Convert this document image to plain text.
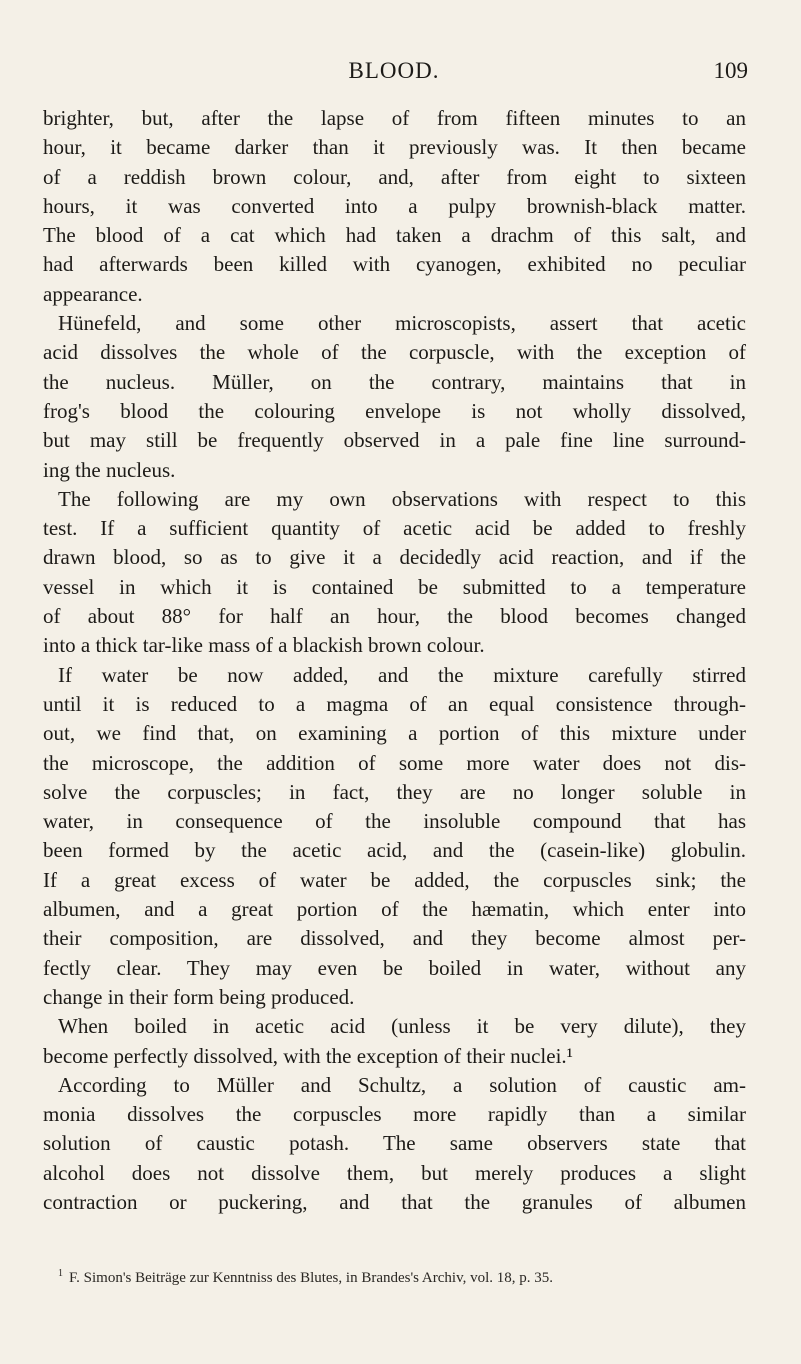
BLOOD.	109
brighter, but, after the lapse of from fifteen minutes to an
hour, it became darker than it previously was. It then became
of a reddish brown colour, and, after from eight to sixteen
hours, it was converted into a pulpy brownish-black matter.
The blood of a cat which had taken a drachm of this salt, and
had afterwards been killed with cyanogen, exhibited no peculiar
appearance.
Hünefeld, and some other microscopists, assert that acetic
acid dissolves the whole of the corpuscle, with the exception of
the nucleus. Müller, on the contrary, maintains that in
frog's blood the colouring envelope is not wholly dissolved,
but may still be frequently observed in a pale fine line surround-
ing the nucleus.
The following are my own observations with respect to this
test. If a sufficient quantity of acetic acid be added to freshly
drawn blood, so as to give it a decidedly acid reaction, and if the
vessel in which it is contained be submitted to a temperature
of about 88° for half an hour, the blood becomes changed
into a thick tar-like mass of a blackish brown colour.
If water be now added, and the mixture carefully stirred
until it is reduced to a magma of an equal consistence through-
out, we find that, on examining a portion of this mixture under
the microscope, the addition of some more water does not dis-
solve the corpuscles; in fact, they are no longer soluble in
water, in consequence of the insoluble compound that has
been formed by the acetic acid, and the (casein-like) globulin.
If a great excess of water be added, the corpuscles sink; the
albumen, and a great portion of the hæmatin, which enter into
their composition, are dissolved, and they become almost per-
fectly clear. They may even be boiled in water, without any
change in their form being produced.
When boiled in acetic acid (unless it be very dilute), they
become perfectly dissolved, with the exception of their nuclei.¹
According to Müller and Schultz, a solution of caustic am-
monia dissolves the corpuscles more rapidly than a similar
solution of caustic potash. The same observers state that
alcohol does not dissolve them, but merely produces a slight
contraction or puckering, and that the granules of albumen
$^1$ F. Simon's Beiträge zur Kenntniss des Blutes, in Brandes's Archiv, vol. 18, p. 35.
